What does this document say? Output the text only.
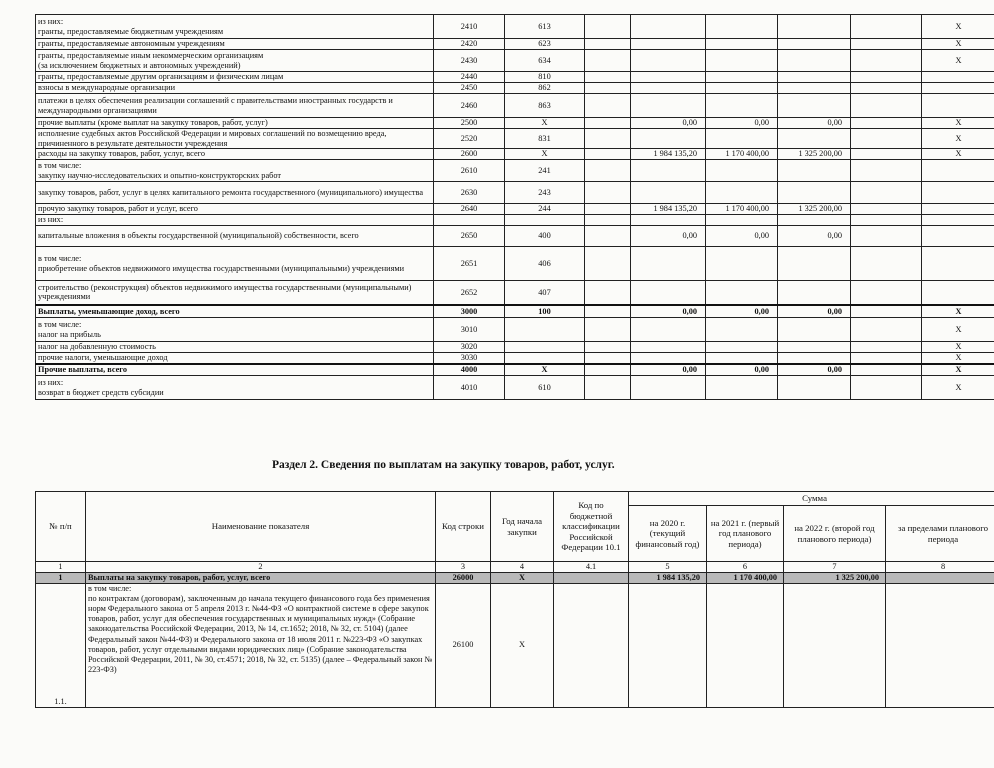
из них:
гранты, предоставляемые бюджетным учреждениям	2410	613						X
гранты, предоставляемые автономным учреждениям	2420	623						X
гранты, предоставляемые иным некоммерческим организациям
(за исключением бюджетных и автономных учреждений)	2430	634						X
гранты, предоставляемые другим организациям и физическим лицам	2440	810						
взносы в международные организации	2450	862						
платежи в целях обеспечения реализации соглашений с правительствами иностранных государств и международными организациями	2460	863						
прочие выплаты (кроме выплат на закупку товаров, работ, услуг)	2500	X		0,00	0,00	0,00		X
исполнение судебных актов Российской Федерации и мировых соглашений по возмещению вреда, причиненного в результате деятельности учреждения	2520	831						X
расходы на закупку товаров, работ, услуг, всего	2600	X		1 984 135,20	1 170 400,00	1 325 200,00		X
в том числе:
закупку научно-исследовательских и опытно-конструкторских работ	2610	241						
закупку товаров, работ, услуг в целях капитального ремонта государственного (муниципального) имущества	2630	243						
прочую закупку товаров, работ и услуг, всего	2640	244		1 984 135,20	1 170 400,00	1 325 200,00		
из них:								
капитальные вложения в объекты государственной (муниципальной) собственности, всего	2650	400		0,00	0,00	0,00		
в том числе:
приобретение объектов недвижимого имущества государственными (муниципальными) учреждениями	2651	406						
строительство (реконструкция) объектов недвижимого имущества государственными (муниципальными) учреждениями	2652	407						
Выплаты, уменьшающие доход, всего	3000	100		0,00	0,00	0,00		X
в том числе:
налог на прибыль	3010							X
налог на добавленную стоимость	3020							X
прочие налоги, уменьшающие доход	3030							X
Прочие выплаты, всего	4000	X		0,00	0,00	0,00		X
из них:
возврат в бюджет средств субсидии	4010	610						X
Раздел 2. Сведения по выплатам на закупку товаров, работ, услуг.
№ п/п	Наименование показателя	Код строки	Год начала закупки	Код по бюджетной классификации Российской Федерации 10.1	Сумма			
					на 2020 г. (текущий финансовый год)	на 2021 г. (первый год планового периода)	на 2022 г. (второй год планового периода)	за пределами планового периода
1	2	3	4	4.1	5	6	7	8
1	Выплаты на закупку товаров, работ, услуг, всего	26000	X		1 984 135,20	1 170 400,00	1 325 200,00	
1.1.	в том числе:
по контрактам (договорам), заключенным до начала текущего финансового года без применения норм Федерального закона от 5 апреля 2013 г. №44-ФЗ «О контрактной системе в сфере закупок товаров, работ, услуг для обеспечения государственных и муниципальных нужд» (Собрание законодательства Российской Федерации, 2013, № 14, ст.1652; 2018, № 32, ст. 5104) (далее Федеральный закон №44-ФЗ) и Федерального закона от 18 июля 2011 г. №223-ФЗ «О закупках товаров, работ, услуг отдельными видами юридических лиц» (Собрание законодательства Российской Федерации, 2011, № 30, ст.4571; 2018, № 32, ст. 5135) (далее – Федеральный закон № 223-ФЗ)	26100	X					
